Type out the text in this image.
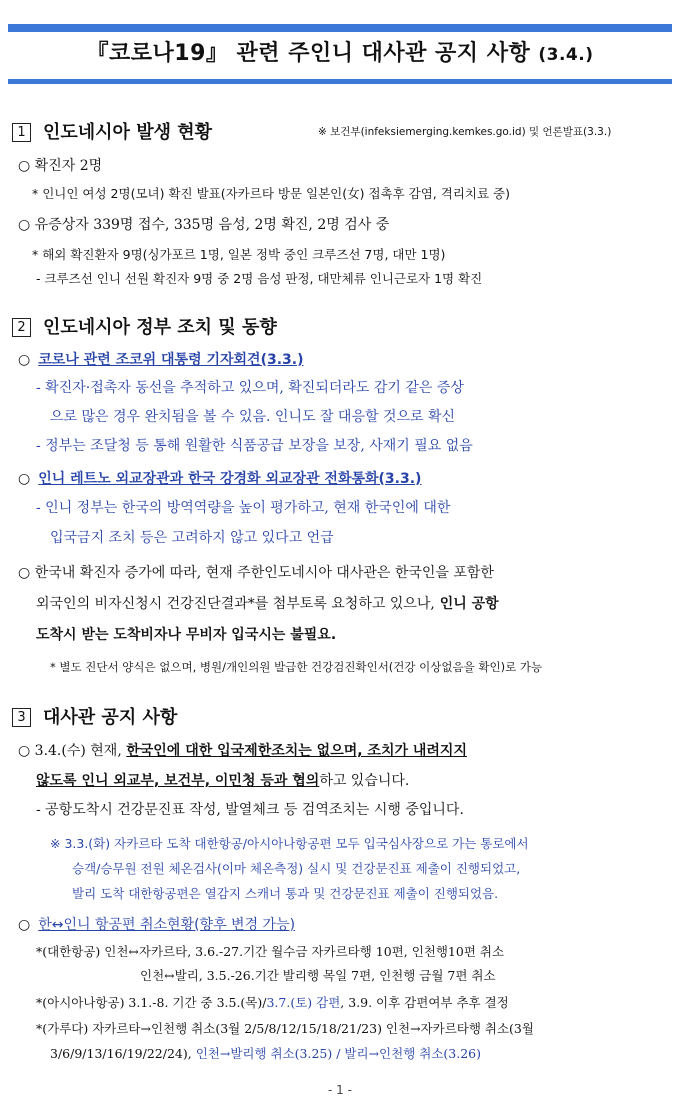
『코로나19』 관련 주인니 대사관 공지 사항 (3.4.)
1 인도네시아 발생 현황	※ 보건부(infeksiemerging.kemkes.go.id) 및 언론발표(3.3.)
○ 확진자 2명
* 인니인 여성 2명(모녀) 확진 발표(자카르타 방문 일본인(女) 접촉후 감염, 격리치료 중)
○ 유증상자 339명 접수, 335명 음성, 2명 확진, 2명 검사 중
* 해외 확진환자 9명(싱가포르 1명, 일본 정박 중인 크루즈선 7명, 대만 1명)
- 크루즈선 인니 선원 확진자 9명 중 2명 음성 판정, 대만체류 인니근로자 1명 확진
2 인도네시아 정부 조치 및 동향
○ 코로나 관련 조코위 대통령 기자회견(3.3.)
- 확진자·접촉자 동선을 추적하고 있으며, 확진되더라도 감기 같은 증상
으로 많은 경우 완치됨을 볼 수 있음. 인니도 잘 대응할 것으로 확신
- 정부는 조달청 등 통해 원활한 식품공급 보장을 보장, 사재기 필요 없음
○ 인니 레트노 외교장관과 한국 강경화 외교장관 전화통화(3.3.)
- 인니 정부는 한국의 방역역량을 높이 평가하고, 현재 한국인에 대한
입국금지 조치 등은 고려하지 않고 있다고 언급
○ 한국내 확진자 증가에 따라, 현재 주한인도네시아 대사관은 한국인을 포함한
외국인의 비자신청시 건강진단결과*를 첨부토록 요청하고 있으나, 인니 공항
도착시 받는 도착비자나 무비자 입국시는 불필요.
* 별도 진단서 양식은 없으며, 병원/개인의원 발급한 건강검진확인서(건강 이상없음을 확인)로 가능
3 대사관 공지 사항
○ 3.4.(수) 현재, 한국인에 대한 입국제한조치는 없으며, 조치가 내려지지
않도록 인니 외교부, 보건부, 이민청 등과 협의하고 있습니다.
- 공항도착시 건강문진표 작성, 발열체크 등 검역조치는 시행 중입니다.
※ 3.3.(화) 자카르타 도착 대한항공/아시아나항공편 모두 입국심사장으로 가는 통로에서
승객/승무원 전원 체온검사(이마 체온측정) 실시 및 건강문진표 제출이 진행되었고,
발리 도착 대한항공편은 열감지 스캐너 통과 및 건강문진표 제출이 진행되었음.
○ 한↔인니 항공편 취소현황(향후 변경 가능)
*(대한항공) 인천↔자카르타, 3.6.-27.기간 월수금 자카르타행 10편, 인천행10편 취소
인천↔발리, 3.5.-26.기간 발리행 목일 7편, 인천행 금월 7편 취소
*(아시아나항공) 3.1.-8. 기간 중 3.5.(목)/3.7.(토) 감편, 3.9. 이후 감편여부 추후 결정
*(가루다) 자카르타→인천행 취소(3월 2/5/8/12/15/18/21/23) 인천→자카르타행 취소(3월
3/6/9/13/16/19/22/24), 인천→발리행 취소(3.25) / 발리→인천행 취소(3.26)
- 1 -
